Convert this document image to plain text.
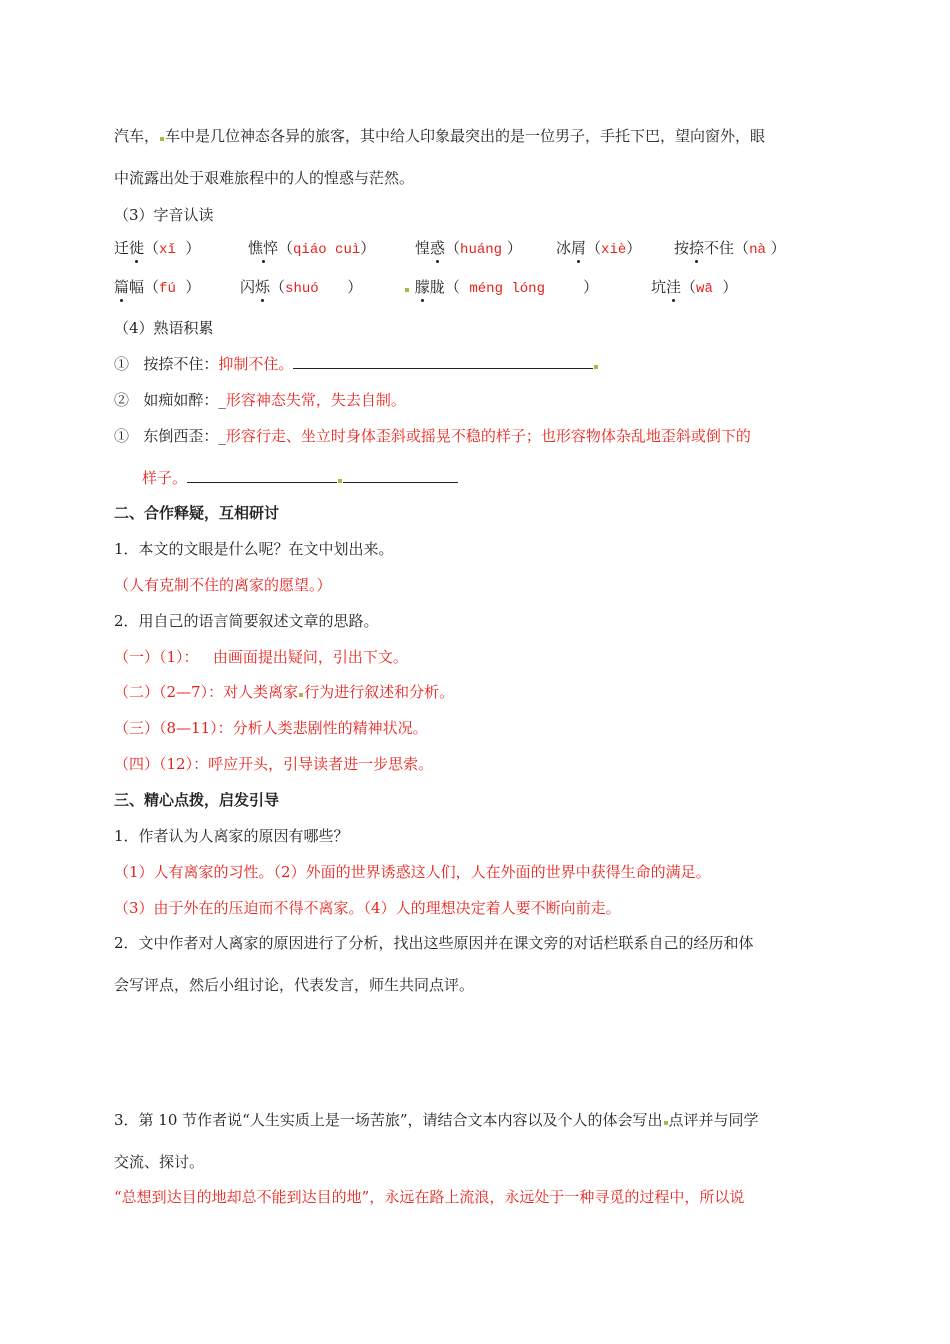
汽车， 车中是几位神态各异的旅客，其中给人印象最突出的是一位男子，手托下巴，望向窗外，眼
中流露出处于艰难旅程中的人的惶惑与茫然。
（3）字音认读
迁徙（xǐ  ）	憔悴（qiáo cuì）	惶惑（huáng ） 冰屑（xiè） 按捺不住（nà ）
篇幅（fú  ）	闪烁（shuó      ）	朦胧（  méng lóng        ）	坑洼（wā  ）
（4）熟语积累
①   按捺不住：抑制不住。
②   如痴如醉：_形容神态失常，失去自制。
①   东倒西歪：_形容行走、坐立时身体歪斜或摇晃不稳的样子；也形容物体杂乱地歪斜或倒下的
样子。
二、合作释疑，互相研讨
1．本文的文眼是什么呢？在文中划出来。
（人有克制不住的离家的愿望。）
2．用自己的语言简要叙述文章的思路。
（一）（1）：   由画面提出疑问，引出下文。
（二）（2—7）：对人类离家 行为进行叙述和分析。
（三）（8—11）：分析人类悲剧性的精神状况。
（四）（12）：呼应开头，引导读者进一步思索。
三、精心点拨，启发引导
1．作者认为人离家的原因有哪些？
（1）人有离家的习性。（2）外面的世界诱惑这人们，人在外面的世界中获得生命的满足。
（3）由于外在的压迫而不得不离家。（4）人的理想决定着人要不断向前走。
2．文中作者对人离家的原因进行了分析，找出这些原因并在课文旁的对话栏联系自己的经历和体
会写评点，然后小组讨论，代表发言，师生共同点评。
3．第 10 节作者说“人生实质上是一场苦旅”，请结合文本内容以及个人的体会写出 点评并与同学
交流、探讨。
“总想到达目的地却总不能到达目的地”，永远在路上流浪，永远处于一种寻觅的过程中，所以说
